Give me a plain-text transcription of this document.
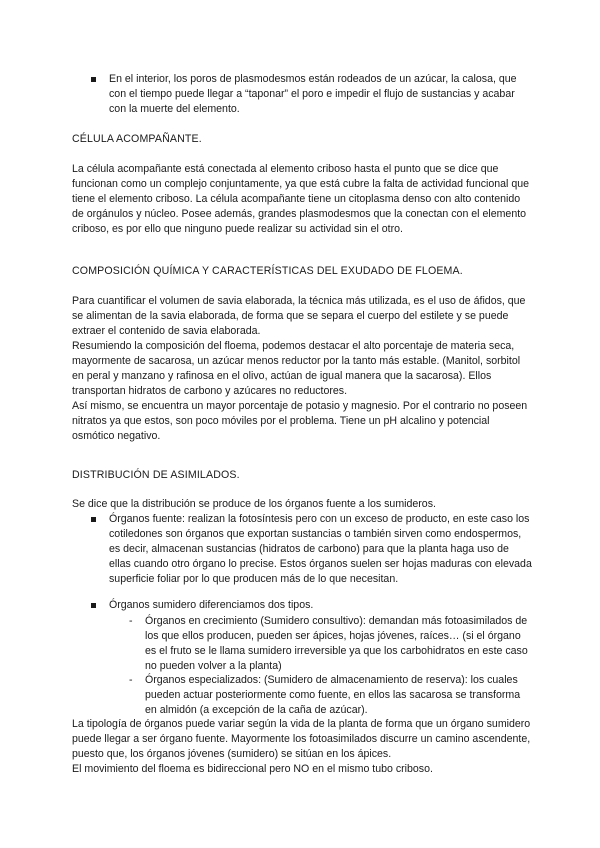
En el interior, los poros de plasmodesmos están rodeados de un azúcar, la calosa, que con el tiempo puede llegar a “taponar” el poro e impedir el flujo de sustancias y acabar con la muerte del elemento.

CÉLULA ACOMPAÑANTE.

La célula acompañante está conectada al elemento criboso hasta el punto que se dice que funcionan como un complejo conjuntamente, ya que está cubre la falta de actividad funcional que tiene el elemento criboso. La célula acompañante tiene un citoplasma denso con alto contenido de orgánulos y núcleo. Posee además, grandes plasmodesmos que la conectan con el elemento criboso, es por ello que ninguno puede realizar su actividad sin el otro.

COMPOSICIÓN QUÍMICA Y CARACTERÍSTICAS DEL EXUDADO DE FLOEMA.

Para cuantificar el volumen de savia elaborada, la técnica más utilizada, es el uso de áfidos, que se alimentan de la savia elaborada, de forma que se separa el cuerpo del estilete y se puede extraer el contenido de savia elaborada.

Resumiendo la composición del floema, podemos destacar el alto porcentaje de materia seca, mayormente de sacarosa, un azúcar menos reductor por la tanto más estable. (Manitol, sorbitol en peral y manzano y rafinosa en el olivo, actúan de igual manera que la sacarosa). Ellos transportan hidratos de carbono y azúcares no reductores.

Así mismo, se encuentra un mayor porcentaje de potasio y magnesio. Por el contrario no poseen nitratos ya que estos, son poco móviles por el problema. Tiene un pH alcalino y potencial osmótico negativo.

DISTRIBUCIÓN DE ASIMILADOS.

Se dice que la distribución se produce de los órganos fuente a los sumideros.

Órganos fuente: realizan la fotosíntesis pero con un exceso de producto, en este caso los cotiledones son órganos que exportan sustancias o también sirven como endospermos, es decir, almacenan sustancias (hidratos de carbono) para que la planta haga uso de ellas cuando otro órgano lo precise. Estos órganos suelen ser hojas maduras con elevada superficie foliar por lo que producen más de lo que necesitan.
Órganos sumidero diferenciamos dos tipos.
- Órganos en crecimiento (Sumidero consultivo): demandan más fotoasimilados de los que ellos producen, pueden ser ápices, hojas jóvenes, raíces… (si el órgano es el fruto se le llama sumidero irreversible ya que los carbohidratos en este caso no pueden volver a la planta)
- Órganos especializados: (Sumidero de almacenamiento de reserva): los cuales pueden actuar posteriormente como fuente, en ellos las sacarosa se transforma en almidón (a excepción de la caña de azúcar).

La tipología de órganos puede variar según la vida de la planta de forma que un órgano sumidero puede llegar a ser órgano fuente. Mayormente los fotoasimilados discurre un camino ascendente, puesto que, los órganos jóvenes (sumidero) se sitúan en los ápices.

El movimiento del floema es bidireccional pero NO en el mismo tubo criboso.
